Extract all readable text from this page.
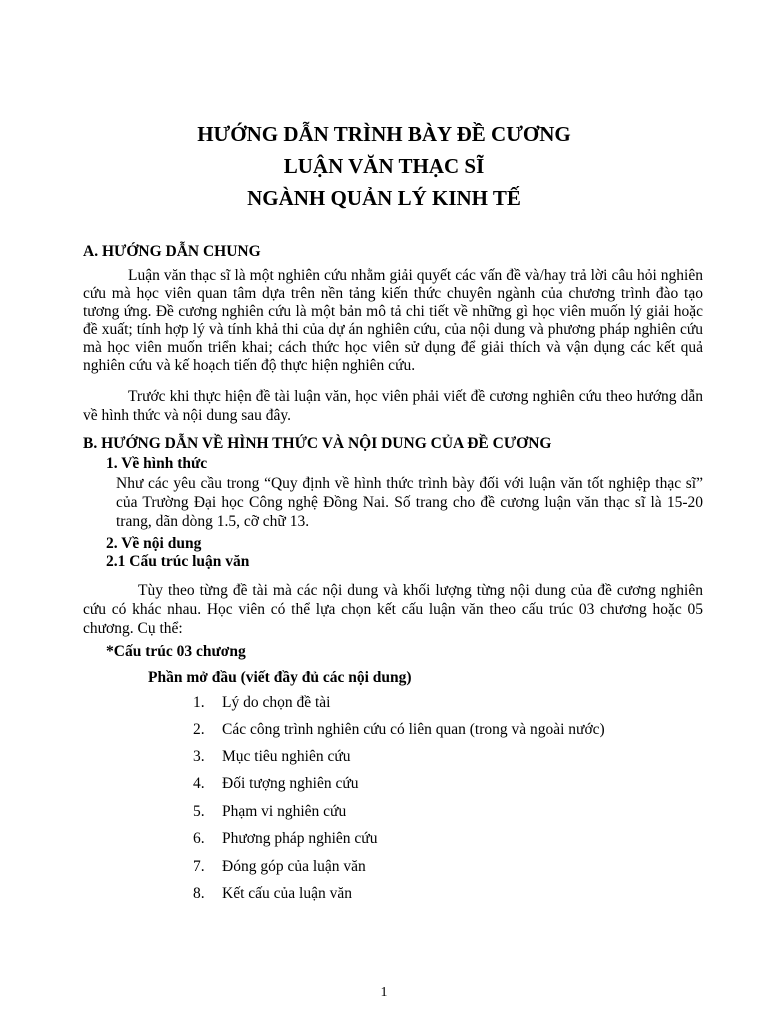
HƯỚNG DẪN TRÌNH BÀY ĐỀ CƯƠNG

LUẬN VĂN THẠC SĨ

NGÀNH QUẢN LÝ KINH TẾ

A. HƯỚNG DẪN CHUNG
Luận văn thạc sĩ là một nghiên cứu nhằm giải quyết các vấn đề và/hay trả lời câu hỏi nghiên cứu mà học viên quan tâm dựa trên nền tảng kiến thức chuyên ngành của chương trình đào tạo tương ứng. Đề cương nghiên cứu là một bản mô tả chi tiết về những gì học viên muốn lý giải hoặc đề xuất; tính hợp lý và tính khả thi của dự án nghiên cứu, của nội dung và phương pháp nghiên cứu mà học viên muốn triển khai; cách thức học viên sử dụng để giải thích và vận dụng các kết quả nghiên cứu và kế hoạch tiến độ thực hiện nghiên cứu.
Trước khi thực hiện đề tài luận văn, học viên phải viết đề cương nghiên cứu theo hướng dẫn về hình thức và nội dung sau đây.
B. HƯỚNG DẪN VỀ HÌNH THỨC VÀ NỘI DUNG CỦA ĐỀ CƯƠNG
1. Về hình thức
Như các yêu cầu trong “Quy định về hình thức trình bày đối với luận văn tốt nghiệp thạc sĩ” của Trường Đại học Công nghệ Đồng Nai. Số trang cho đề cương luận văn thạc sĩ là 15-20 trang, dãn dòng 1.5, cỡ chữ 13.
2. Về nội dung
2.1 Cấu trúc luận văn
Tùy theo từng đề tài mà các nội dung và khối lượng từng nội dung của đề cương nghiên cứu có khác nhau. Học viên có thể lựa chọn kết cấu luận văn theo cấu trúc 03 chương hoặc 05 chương. Cụ thể:
*Cấu trúc 03 chương
Phần mở đầu (viết đầy đủ các nội dung)
1. Lý do chọn đề tài
2. Các công trình nghiên cứu có liên quan (trong và ngoài nước)
3. Mục tiêu nghiên cứu
4. Đối tượng nghiên cứu
5. Phạm vi nghiên cứu
6. Phương pháp nghiên cứu
7. Đóng góp của luận văn
8. Kết cấu của luận văn
1
